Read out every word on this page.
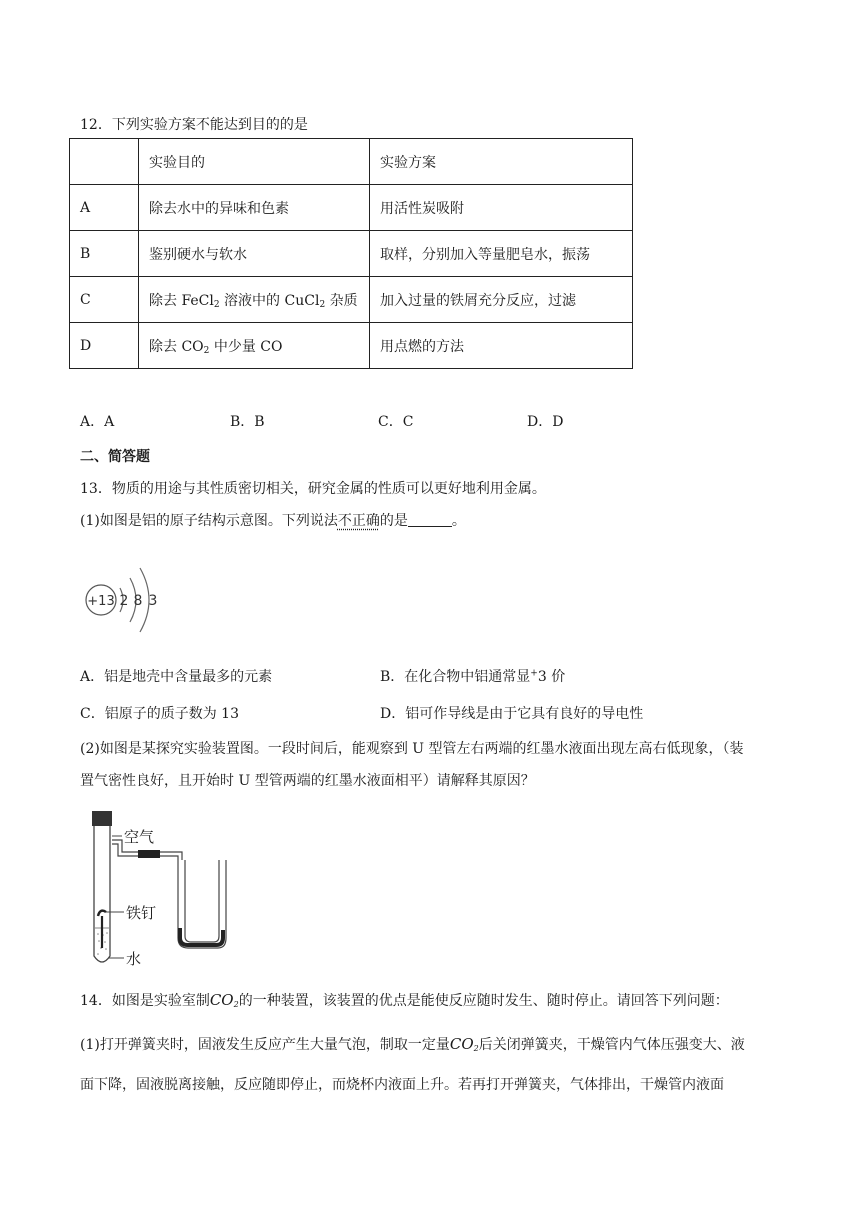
12．下列实验方案不能达到目的的是
	实验目的	实验方案
A	除去水中的异味和色素	用活性炭吸附
B	鉴别硬水与软水	取样，分别加入等量肥皂水，振荡
C	除去 FeCl$_2$ 溶液中的 CuCl$_2$ 杂质	加入过量的铁屑充分反应，过滤
D	除去 $CO_2$ 中少量 CO	用点燃的方法
A．A	B．B	C．C	D．D
二、简答题
13．物质的用途与其性质密切相关，研究金属的性质可以更好地利用金属。
(1)如图是铝的原子结构示意图。下列说法不正确的是	。
+13 2 8 3
A．铝是地壳中含量最多的元素	B．在化合物中铝通常显+3 价
C．铝原子的质子数为 13	D．铝可作导线是由于它具有良好的导电性
(2)如图是某探究实验装置图。一段时间后，能观察到 U 型管左右两端的红墨水液面出现左高右低现象，（装
置气密性良好，且开始时 U 型管两端的红墨水液面相平）请解释其原因？
空气
铁钉
水
14．如图是实验室制$CO_2$的一种装置，该装置的优点是能使反应随时发生、随时停止。请回答下列问题：
(1)打开弹簧夹时，固液发生反应产生大量气泡，制取一定量$CO_2$后关闭弹簧夹，干燥管内气体压强变大、液
面下降，固液脱离接触，反应随即停止，而烧杯内液面上升。若再打开弹簧夹，气体排出，干燥管内液面
